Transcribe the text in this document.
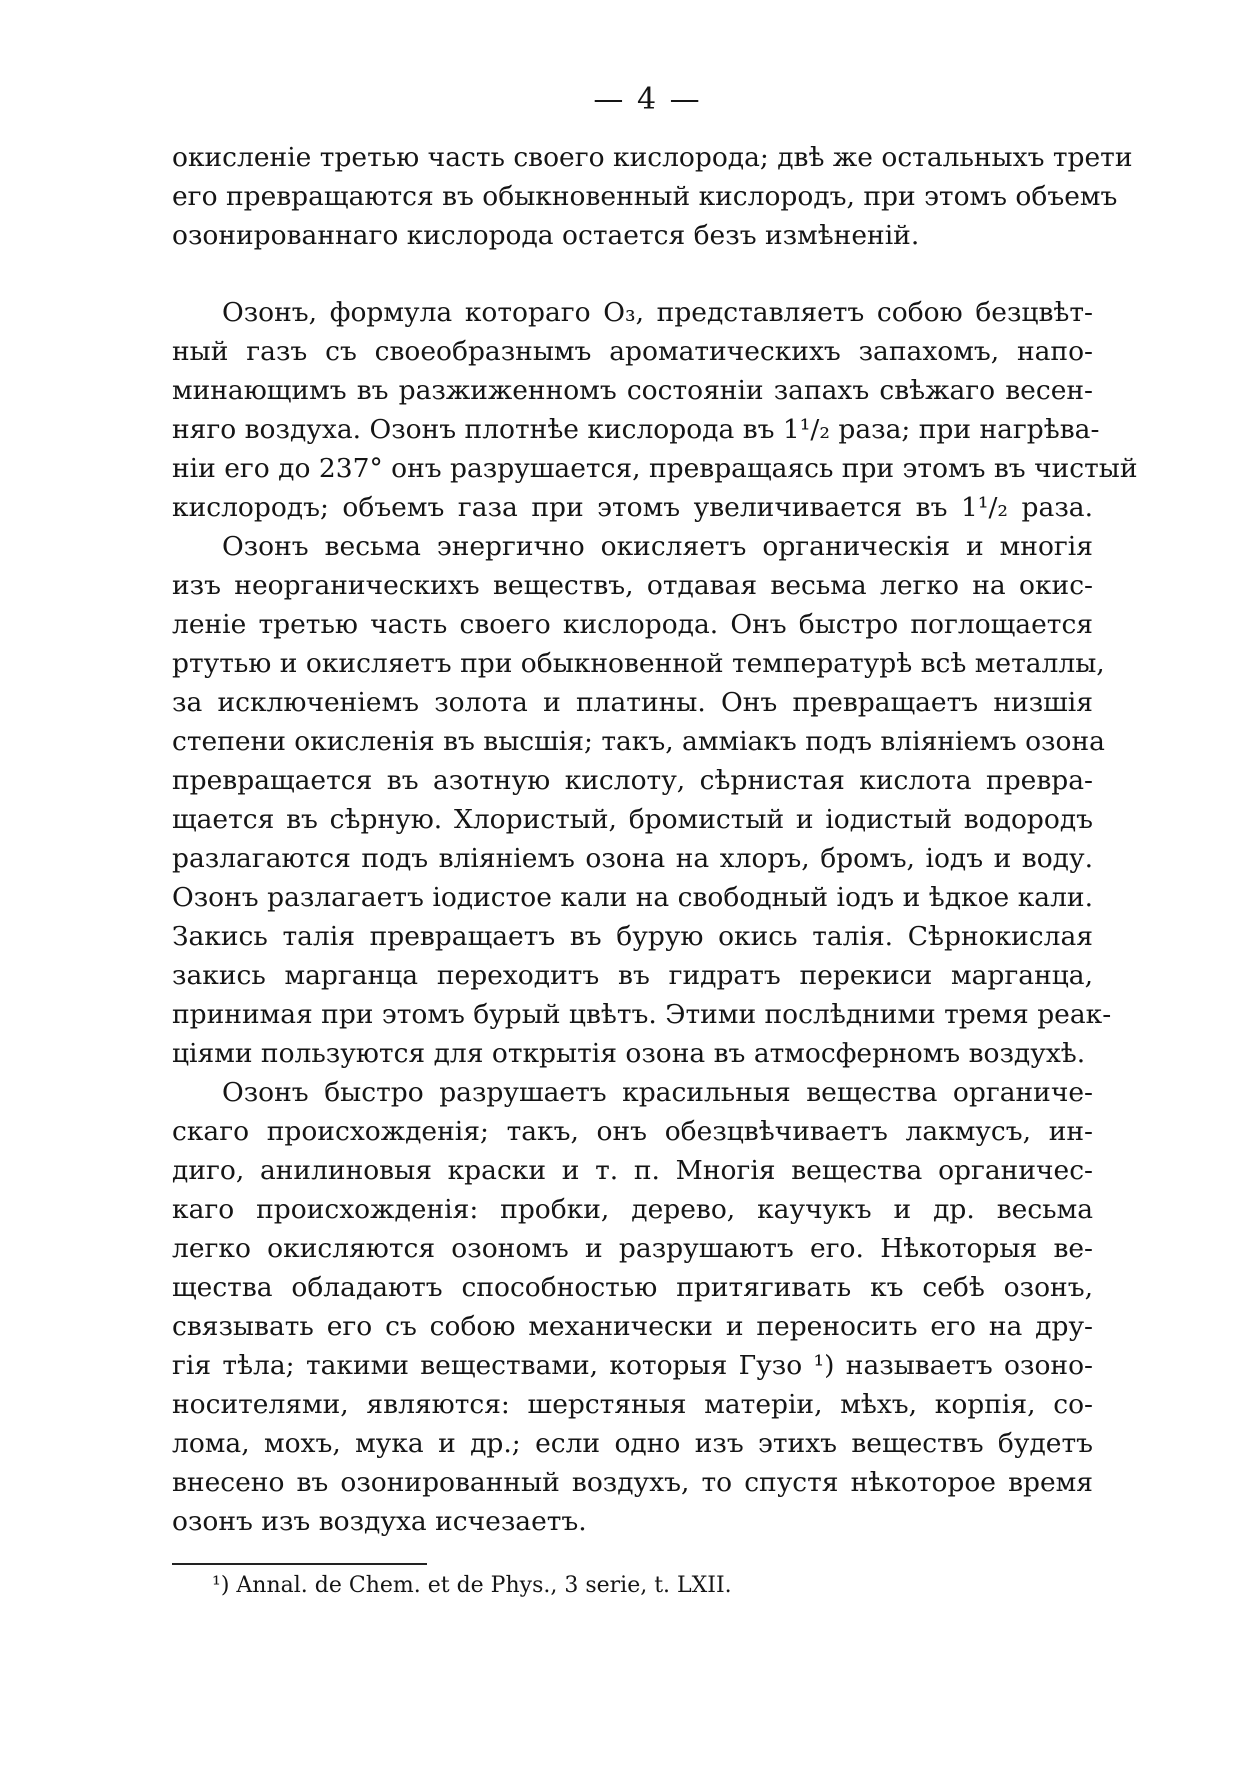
— 4 —
окисленіе третью часть своего кислорода; двѣ же остальныхъ трети
его превращаются въ обыкновенный кислородъ, при этомъ объемъ
озонированнаго кислорода остается безъ измѣненій.
Озонъ, формула котораго O₃, представляетъ собою безцвѣт-
ный газъ съ своеобразнымъ ароматическихъ запахомъ, напо-
минающимъ въ разжиженномъ состояніи запахъ свѣжаго весен-
няго воздуха. Озонъ плотнѣе кислорода въ 1¹/₂ раза; при нагрѣва-
ніи его до 237° онъ разрушается, превращаясь при этомъ въ чистый
кислородъ; объемъ газа при этомъ увеличивается въ 1¹/₂ раза.
Озонъ весьма энергично окисляетъ органическія и многія
изъ неорганическихъ веществъ, отдавая весьма легко на окис-
леніе третью часть своего кислорода. Онъ быстро поглощается
ртутью и окисляетъ при обыкновенной температурѣ всѣ металлы,
за исключеніемъ золота и платины. Онъ превращаетъ низшія
степени окисленія въ высшія; такъ, аммiакъ подъ вліяніемъ озона
превращается въ азотную кислоту, сѣрнистая кислота превра-
щается въ сѣрную. Хлористый, бромистый и іодистый водородъ
разлагаются подъ вліяніемъ озона на хлоръ, бромъ, іодъ и воду.
Озонъ разлагаетъ іодистое кали на свободный іодъ и ѣдкое кали.
Закись талія превращаетъ въ бурую окись талія. Сѣрнокислая
закись марганца переходитъ въ гидратъ перекиси марганца,
принимая при этомъ бурый цвѣтъ. Этими послѣдними тремя реак-
ціями пользуются для открытія озона въ атмосферномъ воздухѣ.
Озонъ быстро разрушаетъ красильныя вещества органиче-
скаго происхожденія; такъ, онъ обезцвѣчиваетъ лакмусъ, ин-
диго, анилиновыя краски и т. п. Многія вещества органичес-
каго происхожденія: пробки, дерево, каучукъ и др. весьма
легко окисляются озономъ и разрушаютъ его. Нѣкоторыя ве-
щества обладаютъ способностью притягивать къ себѣ озонъ,
связывать его съ собою механически и переносить его на дру-
гія тѣла; такими веществами, которыя Гузо ¹) называетъ озоно-
носителями, являются: шерстяныя матеріи, мѣхъ, корпія, со-
лома, мохъ, мука и др.; если одно изъ этихъ веществъ будетъ
внесено въ озонированный воздухъ, то спустя нѣкоторое время
озонъ изъ воздуха исчезаетъ.
¹) Annal. de Chem. et de Phys., 3 serie, t. LXII.
